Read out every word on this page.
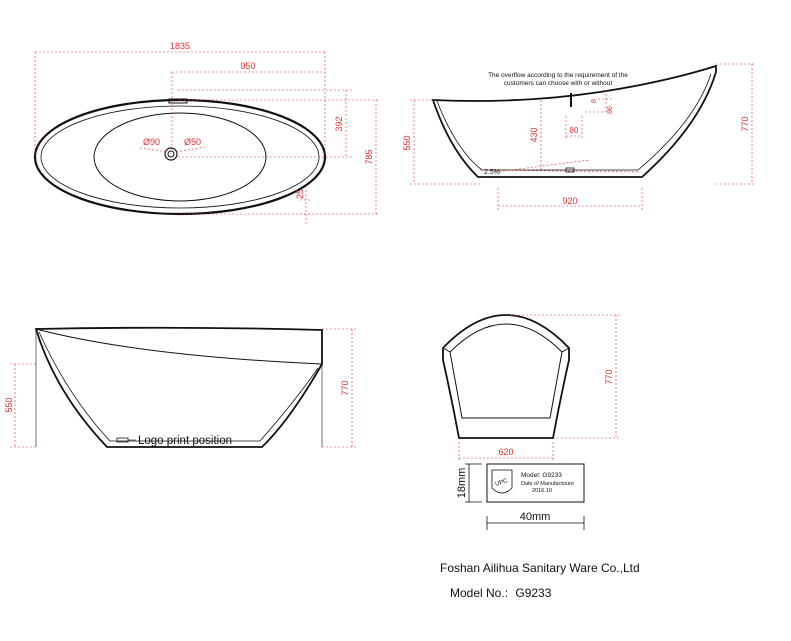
1835
950
392
785
25
Ø90	Ø50
The overflow according to the requirement of the
customers can choose with or without
550
770
430	80
8
86
2.5%
920
550
770
Logo print position
770
620
UPC
Model: G9233
Date of Manufactoure
2016.10
18mm
40mm
Foshan Ailihua Sanitary Ware Co.,Ltd
Model No.: G9233
